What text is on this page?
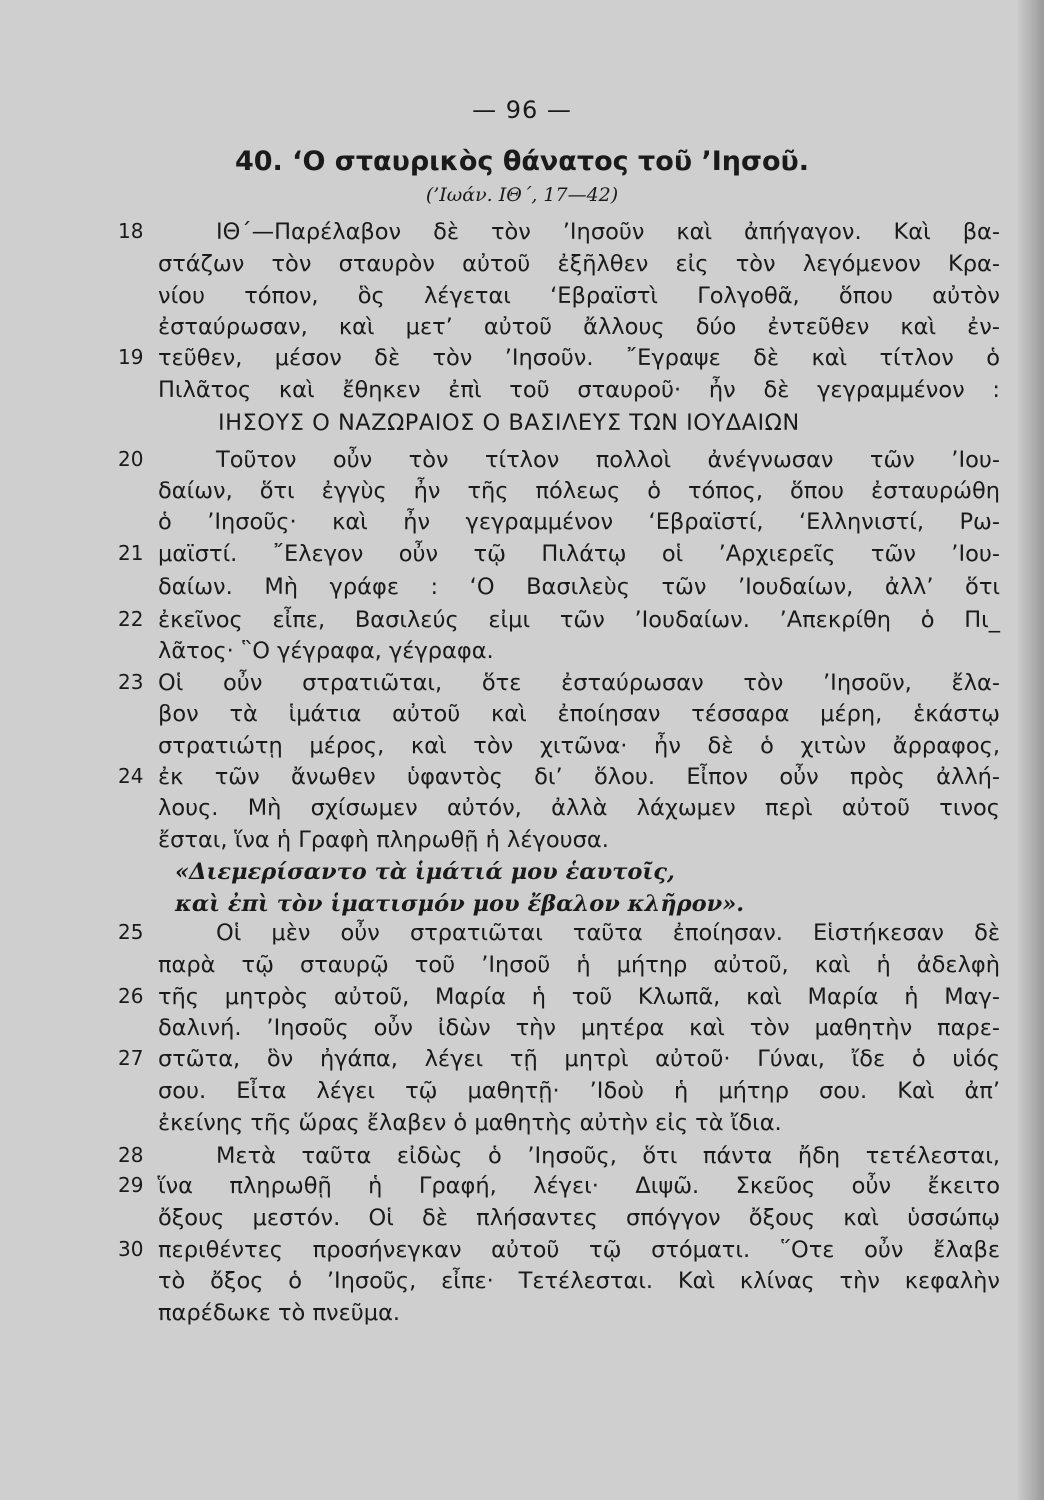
— 96 —
40. ‘Ο σταυρικὸς θάνατος τοῦ ’Ιησοῦ.
(’Ιωάν. ΙΘ΄, 17—42)
18
19
20
21
22
23
24
25
26
27
28
29
30
ΙΘ΄—Παρέλαβον δὲ τὸν ’Ιησοῦν καὶ ἀπήγαγον. Καὶ βα-
στάζων τὸν σταυρὸν αὐτοῦ ἐξῆλθεν εἰς τὸν λεγόμενον Κρα-
νίου τόπον, ὃς λέγεται ‘Εβραϊστὶ Γολγοθᾶ, ὅπου αὐτὸν
ἐσταύρωσαν, καὶ μετ’ αὐτοῦ ἄλλους δύο ἐντεῦθεν καὶ ἐν-
τεῦθεν, μέσον δὲ τὸν ’Ιησοῦν. ῎Εγραψε δὲ καὶ τίτλον ὁ
Πιλᾶτος καὶ ἔθηκεν ἐπὶ τοῦ σταυροῦ· ἦν δὲ γεγραμμένον :
ΙΗΣΟΥΣ Ο ΝΑΖΩΡΑΙΟΣ Ο ΒΑΣΙΛΕΥΣ ΤΩΝ ΙΟΥΔΑΙΩΝ
Τοῦτον οὖν τὸν τίτλον πολλοὶ ἀνέγνωσαν τῶν ’Ιου-
δαίων, ὅτι ἐγγὺς ἦν τῆς πόλεως ὁ τόπος, ὅπου ἐσταυρώθη
ὁ ’Ιησοῦς· καὶ ἦν γεγραμμένον ‘Εβραϊστί, ‘Ελληνιστί, Ρω-
μαϊστί. ῎Ελεγον οὖν τῷ Πιλάτῳ οἱ ’Αρχιερεῖς τῶν ’Ιου-
δαίων. Μὴ γράφε : ‘Ο Βασιλεὺς τῶν ’Ιουδαίων, ἀλλ’ ὅτι
ἐκεῖνος εἶπε, Βασιλεύς εἰμι τῶν ’Ιουδαίων. ’Απεκρίθη ὁ Πι_
λᾶτος· ῝Ο γέγραφα, γέγραφα.
Οἱ οὖν στρατιῶται, ὅτε ἐσταύρωσαν τὸν ’Ιησοῦν, ἔλα-
βον τὰ ἱμάτια αὐτοῦ καὶ ἐποίησαν τέσσαρα μέρη, ἑκάστῳ
στρατιώτῃ μέρος, καὶ τὸν χιτῶνα· ἦν δὲ ὁ χιτὼν ἄρραφος,
ἐκ τῶν ἄνωθεν ὑφαντὸς δι’ ὅλου. Εἶπον οὖν πρὸς ἀλλή-
λους. Μὴ σχίσωμεν αὐτόν, ἀλλὰ λάχωμεν περὶ αὐτοῦ τινος
ἔσται, ἵνα ἡ Γραφὴ πληρωθῇ ἡ λέγουσα.
«Διεμερίσαντο τὰ ἱμάτιά μου ἑαυτοῖς,
καὶ ἐπὶ τὸν ἱματισμόν μου ἔβαλον κλῆρον».
Οἱ μὲν οὖν στρατιῶται ταῦτα ἐποίησαν. Εἱστήκεσαν δὲ
παρὰ τῷ σταυρῷ τοῦ ’Ιησοῦ ἡ μήτηρ αὐτοῦ, καὶ ἡ ἀδελφὴ
τῆς μητρὸς αὐτοῦ, Μαρία ἡ τοῦ Κλωπᾶ, καὶ Μαρία ἡ Μαγ-
δαλινή. ’Ιησοῦς οὖν ἰδὼν τὴν μητέρα καὶ τὸν μαθητὴν παρε-
στῶτα, ὃν ἠγάπα, λέγει τῇ μητρὶ αὐτοῦ· Γύναι, ἴδε ὁ υἱός
σου. Εἶτα λέγει τῷ μαθητῇ· ’Ιδοὺ ἡ μήτηρ σου. Καὶ ἀπ’
ἐκείνης τῆς ὥρας ἔλαβεν ὁ μαθητὴς αὐτὴν εἰς τὰ ἴδια.
Μετὰ ταῦτα εἰδὼς ὁ ’Ιησοῦς, ὅτι πάντα ἤδη τετέλεσται,
ἵνα πληρωθῇ ἡ Γραφή, λέγει· Διψῶ. Σκεῦος οὖν ἔκειτο
ὄξους μεστόν. Οἱ δὲ πλήσαντες σπόγγον ὄξους καὶ ὑσσώπῳ
περιθέντες προσήνεγκαν αὐτοῦ τῷ στόματι. ῞Οτε οὖν ἔλαβε
τὸ ὄξος ὁ ’Ιησοῦς, εἶπε· Τετέλεσται. Καὶ κλίνας τὴν κεφαλὴν
παρέδωκε τὸ πνεῦμα.
